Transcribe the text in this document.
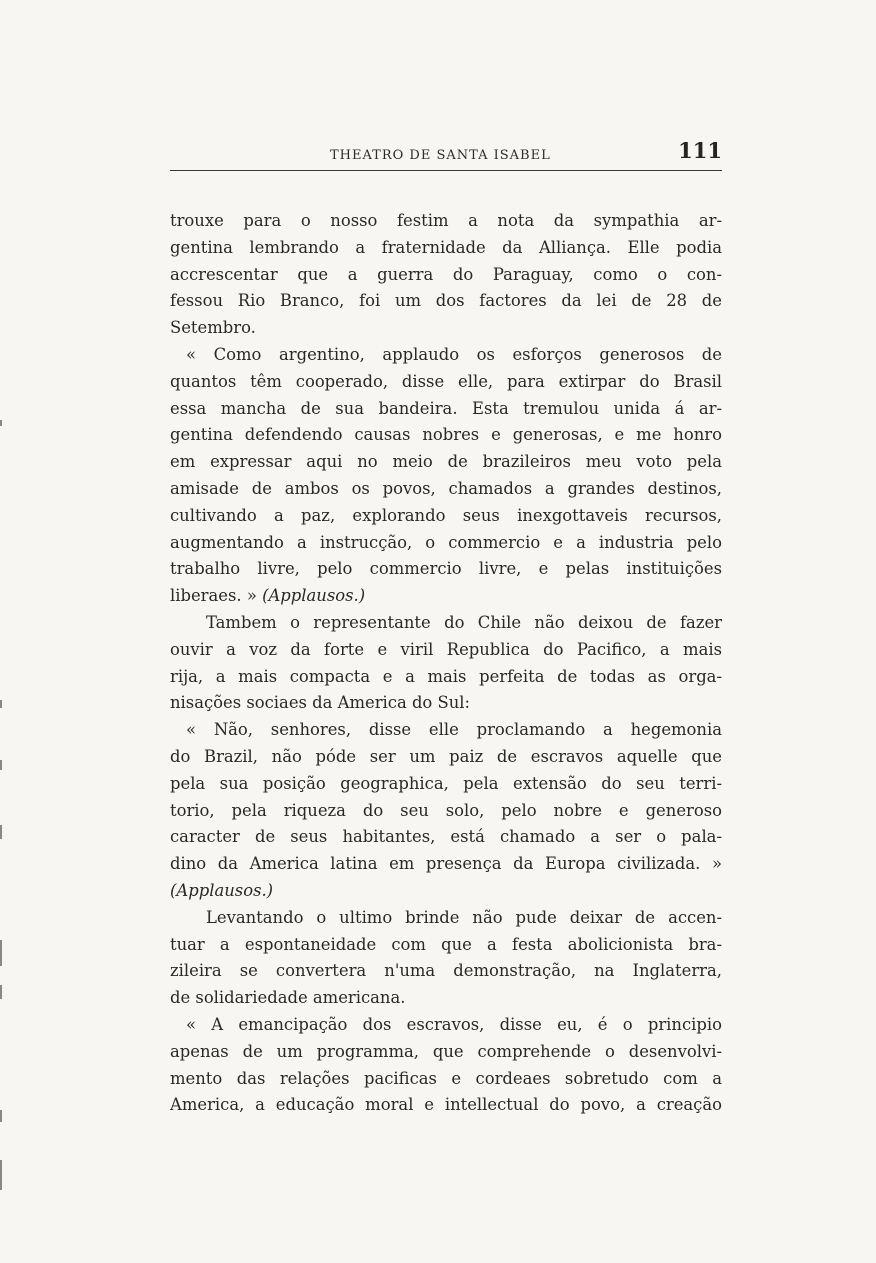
THEATRO DE SANTA ISABEL	111
trouxe para o nosso festim a nota da sympathia ar-
gentina lembrando a fraternidade da Alliança. Elle podia
accrescentar que a guerra do Paraguay, como o con-
fessou Rio Branco, foi um dos factores da lei de 28 de
Setembro.
« Como argentino, applaudo os esforços generosos de
quantos têm cooperado, disse elle, para extirpar do Brasil
essa mancha de sua bandeira. Esta tremulou unida á ar-
gentina defendendo causas nobres e generosas, e me honro
em expressar aqui no meio de brazileiros meu voto pela
amisade de ambos os povos, chamados a grandes destinos,
cultivando a paz, explorando seus inexgottaveis recursos,
augmentando a instrucção, o commercio e a industria pelo
trabalho livre, pelo commercio livre, e pelas instituições
liberaes. » (Applausos.)
Tambem o representante do Chile não deixou de fazer
ouvir a voz da forte e viril Republica do Pacifico, a mais
rija, a mais compacta e a mais perfeita de todas as orga-
nisações sociaes da America do Sul:
« Não, senhores, disse elle proclamando a hegemonia
do Brazil, não póde ser um paiz de escravos aquelle que
pela sua posição geographica, pela extensão do seu terri-
torio, pela riqueza do seu solo, pelo nobre e generoso
caracter de seus habitantes, está chamado a ser o pala-
dino da America latina em presença da Europa civilizada. »
(Applausos.)
Levantando o ultimo brinde não pude deixar de accen-
tuar a espontaneidade com que a festa abolicionista bra-
zileira se convertera n'uma demonstração, na Inglaterra,
de solidariedade americana.
« A emancipação dos escravos, disse eu, é o principio
apenas de um programma, que comprehende o desenvolvi-
mento das relações pacificas e cordeaes sobretudo com a
America, a educação moral e intellectual do povo, a creação
